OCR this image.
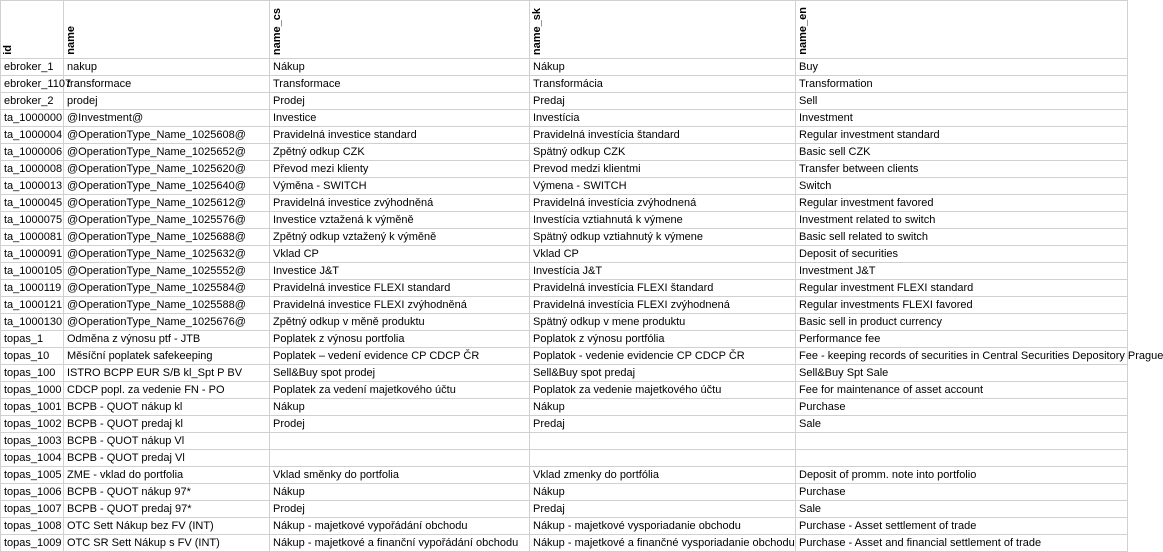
id	name	name_cs	name_sk	name_en

ebroker_1	nakup	Nákup	Nákup	Buy
ebroker_1107	transformace	Transformace	Transformácia	Transformation
ebroker_2	prodej	Prodej	Predaj	Sell
ta_1000000	@Investment@	Investice	Investícia	Investment
ta_1000004	@OperationType_Name_1025608@	Pravidelná investice standard	Pravidelná investícia štandard	Regular investment standard
ta_1000006	@OperationType_Name_1025652@	Zpětný odkup CZK	Spätný odkup CZK	Basic sell CZK
ta_1000008	@OperationType_Name_1025620@	Převod mezi klienty	Prevod medzi klientmi	Transfer between clients
ta_1000013	@OperationType_Name_1025640@	Výměna - SWITCH	Výmena - SWITCH	Switch
ta_1000045	@OperationType_Name_1025612@	Pravidelná investice zvýhodněná	Pravidelná investícia zvýhodnená	Regular investment favored
ta_1000075	@OperationType_Name_1025576@	Investice vztažená k výměně	Investícia vztiahnutá k výmene	Investment related to switch
ta_1000081	@OperationType_Name_1025688@	Zpětný odkup vztažený k výměně	Spätný odkup vztiahnutý k výmene	Basic sell related to switch
ta_1000091	@OperationType_Name_1025632@	Vklad CP	Vklad CP	Deposit of securities
ta_1000105	@OperationType_Name_1025552@	Investice J&T	Investícia J&T	Investment J&T
ta_1000119	@OperationType_Name_1025584@	Pravidelná investice FLEXI standard	Pravidelná investícia FLEXI štandard	Regular investment FLEXI standard
ta_1000121	@OperationType_Name_1025588@	Pravidelná investice FLEXI zvýhodněná	Pravidelná investícia FLEXI zvýhodnená	Regular investments FLEXI favored
ta_1000130	@OperationType_Name_1025676@	Zpětný odkup v měně produktu	Spätný odkup v mene produktu	Basic sell in product currency
topas_1	Odměna z výnosu ptf - JTB	Poplatek z výnosu portfolia	Poplatok z výnosu portfólia	Performance fee
topas_10	Měsíční poplatek safekeeping	Poplatek – vedení evidence CP CDCP ČR	Poplatok - vedenie evidencie CP CDCP ČR	Fee - keeping records of securities in Central Securities Depository Prague
topas_100	ISTRO BCPP EUR S/B kl_Spt P BV	Sell&Buy spot prodej	Sell&Buy spot predaj	Sell&Buy Spt Sale
topas_1000	CDCP popl. za vedenie FN - PO	Poplatek za vedení majetkového účtu	Poplatok za vedenie majetkového účtu	Fee for maintenance of asset account
topas_1001	BCPB - QUOT nákup kl	Nákup	Nákup	Purchase
topas_1002	BCPB - QUOT predaj kl	Prodej	Predaj	Sale
topas_1003	BCPB - QUOT nákup Vl			
topas_1004	BCPB - QUOT predaj Vl			
topas_1005	ZME - vklad do portfolia	Vklad směnky do portfolia	Vklad zmenky do portfólia	Deposit of promm. note into portfolio
topas_1006	BCPB - QUOT nákup 97*	Nákup	Nákup	Purchase
topas_1007	BCPB - QUOT predaj 97*	Prodej	Predaj	Sale
topas_1008	OTC Sett Nákup bez FV (INT)	Nákup - majetkové vypořádání obchodu	Nákup - majetkové vysporiadanie obchodu	Purchase - Asset settlement of trade
topas_1009	OTC SR Sett Nákup s FV (INT)	Nákup - majetkové a finanční vypořádání obchodu	Nákup - majetkové a finančné vysporiadanie obchodu	Purchase - Asset and financial settlement of trade
